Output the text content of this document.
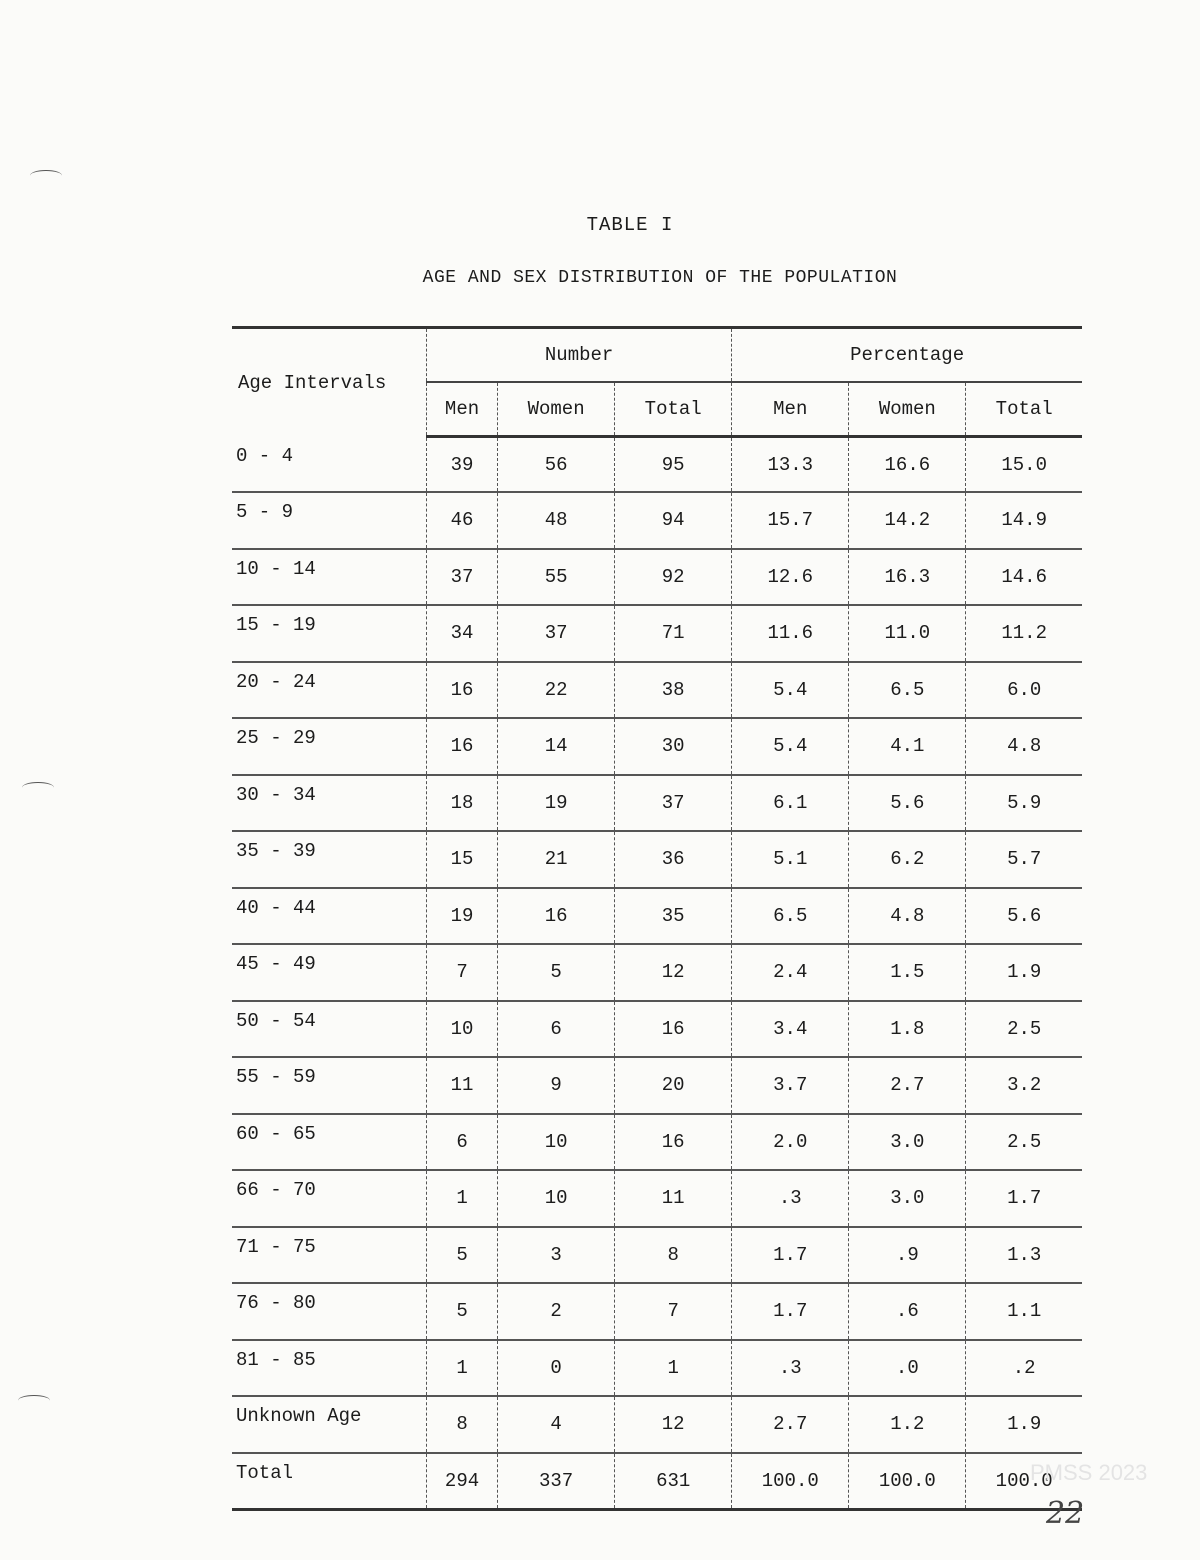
TABLE I
AGE AND SEX DISTRIBUTION OF THE POPULATION
Age Intervals	Number			Percentage		
	Men	Women	Total	Men	Women	Total
0 - 4	39	56	95	13.3	16.6	15.0
5 - 9	46	48	94	15.7	14.2	14.9
10 - 14	37	55	92	12.6	16.3	14.6
15 - 19	34	37	71	11.6	11.0	11.2
20 - 24	16	22	38	5.4	6.5	6.0
25 - 29	16	14	30	5.4	4.1	4.8
30 - 34	18	19	37	6.1	5.6	5.9
35 - 39	15	21	36	5.1	6.2	5.7
40 - 44	19	16	35	6.5	4.8	5.6
45 - 49	7	5	12	2.4	1.5	1.9
50 - 54	10	6	16	3.4	1.8	2.5
55 - 59	11	9	20	3.7	2.7	3.2
60 - 65	6	10	16	2.0	3.0	2.5
66 - 70	1	10	11	.3	3.0	1.7
71 - 75	5	3	8	1.7	.9	1.3
76 - 80	5	2	7	1.7	.6	1.1
81 - 85	1	0	1	.3	.0	.2
Unknown Age	8	4	12	2.7	1.2	1.9
Total	294	337	631	100.0	100.0	100.0
PMSS 2023
22
